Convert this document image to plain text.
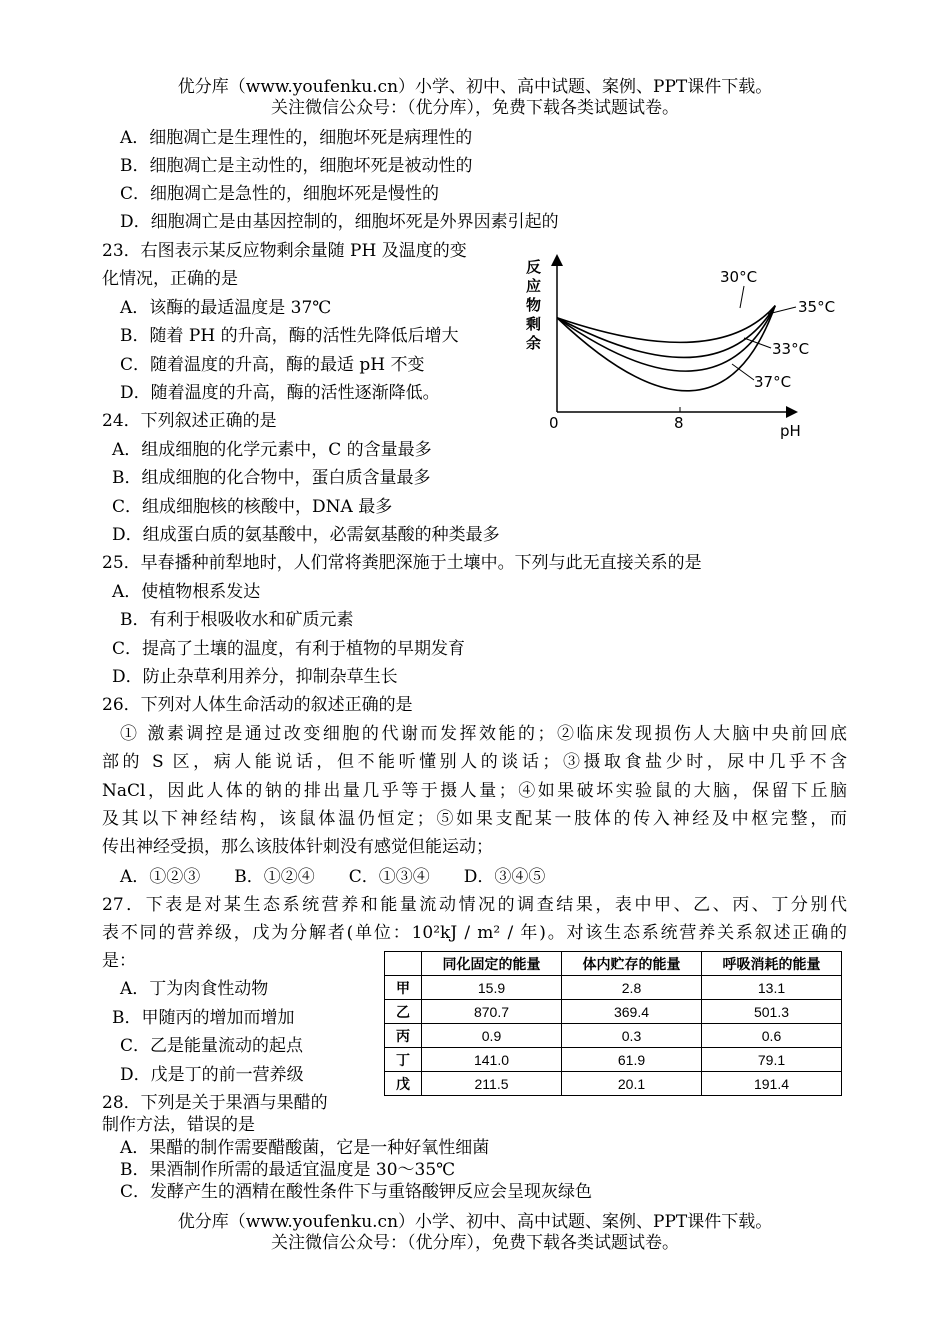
优分库（www.youfenku.cn）小学、初中、高中试题、案例、PPT课件下载。
关注微信公众号：（优分库），免费下载各类试题试卷。
A．细胞凋亡是生理性的，细胞坏死是病理性的
B．细胞凋亡是主动性的，细胞坏死是被动性的
C．细胞凋亡是急性的，细胞坏死是慢性的
D．细胞凋亡是由基因控制的，细胞坏死是外界因素引起的
23．右图表示某反应物剩余量随 PH 及温度的变
化情况，正确的是
A．该酶的最适温度是 37℃
B．随着 PH 的升高，酶的活性先降低后增大
C．随着温度的升高，酶的最适 pH 不变
D．随着温度的升高，酶的活性逐渐降低。
反
应
物
剩
余
0	8	pH
30°C
35°C
33°C
37°C
24．下列叙述正确的是
A．组成细胞的化学元素中，C 的含量最多
B．组成细胞的化合物中，蛋白质含量最多
C．组成细胞核的核酸中，DNA 最多
D．组成蛋白质的氨基酸中，必需氨基酸的种类最多
25．早春播种前犁地时，人们常将粪肥深施于土壤中。下列与此无直接关系的是
A．使植物根系发达
B．有利于根吸收水和矿质元素
C．提高了土壤的温度，有利于植物的早期发育
D．防止杂草利用养分，抑制杂草生长
26．下列对人体生命活动的叙述正确的是
① 激素调控是通过改变细胞的代谢而发挥效能的；②临床发现损伤人大脑中央前回底
部的 S 区，病人能说话，但不能听懂别人的谈话；③摄取食盐少时，尿中几乎不含
NaCl，因此人体的钠的排出量几乎等于摄人量；④如果破坏实验鼠的大脑，保留下丘脑
及其以下神经结构，该鼠体温仍恒定；⑤如果支配某一肢体的传入神经及中枢完整，而
传出神经受损，那么该肢体针刺没有感觉但能运动；
A．①②③　　B．①②④　　C．①③④　　D．③④⑤
27．下表是对某生态系统营养和能量流动情况的调查结果，表中甲、乙、丙、丁分别代
表不同的营养级，戊为分解者(单位：10²kJ / m² / 年)。对该生态系统营养关系叙述正确的
是：
A．丁为肉食性动物
B．甲随丙的增加而增加
C．乙是能量流动的起点
D．戊是丁的前一营养级
	同化固定的能量	体内贮存的能量	呼吸消耗的能量
甲	15.9	2.8	13.1
乙	870.7	369.4	501.3
丙	0.9	0.3	0.6
丁	141.0	61.9	79.1
戊	211.5	20.1	191.4
28．下列是关于果酒与果醋的
制作方法，错误的是
A．果醋的制作需要醋酸菌，它是一种好氧性细菌
B．果酒制作所需的最适宜温度是 30～35℃
C．发酵产生的酒精在酸性条件下与重铬酸钾反应会呈现灰绿色
优分库（www.youfenku.cn）小学、初中、高中试题、案例、PPT课件下载。
关注微信公众号：（优分库），免费下载各类试题试卷。
